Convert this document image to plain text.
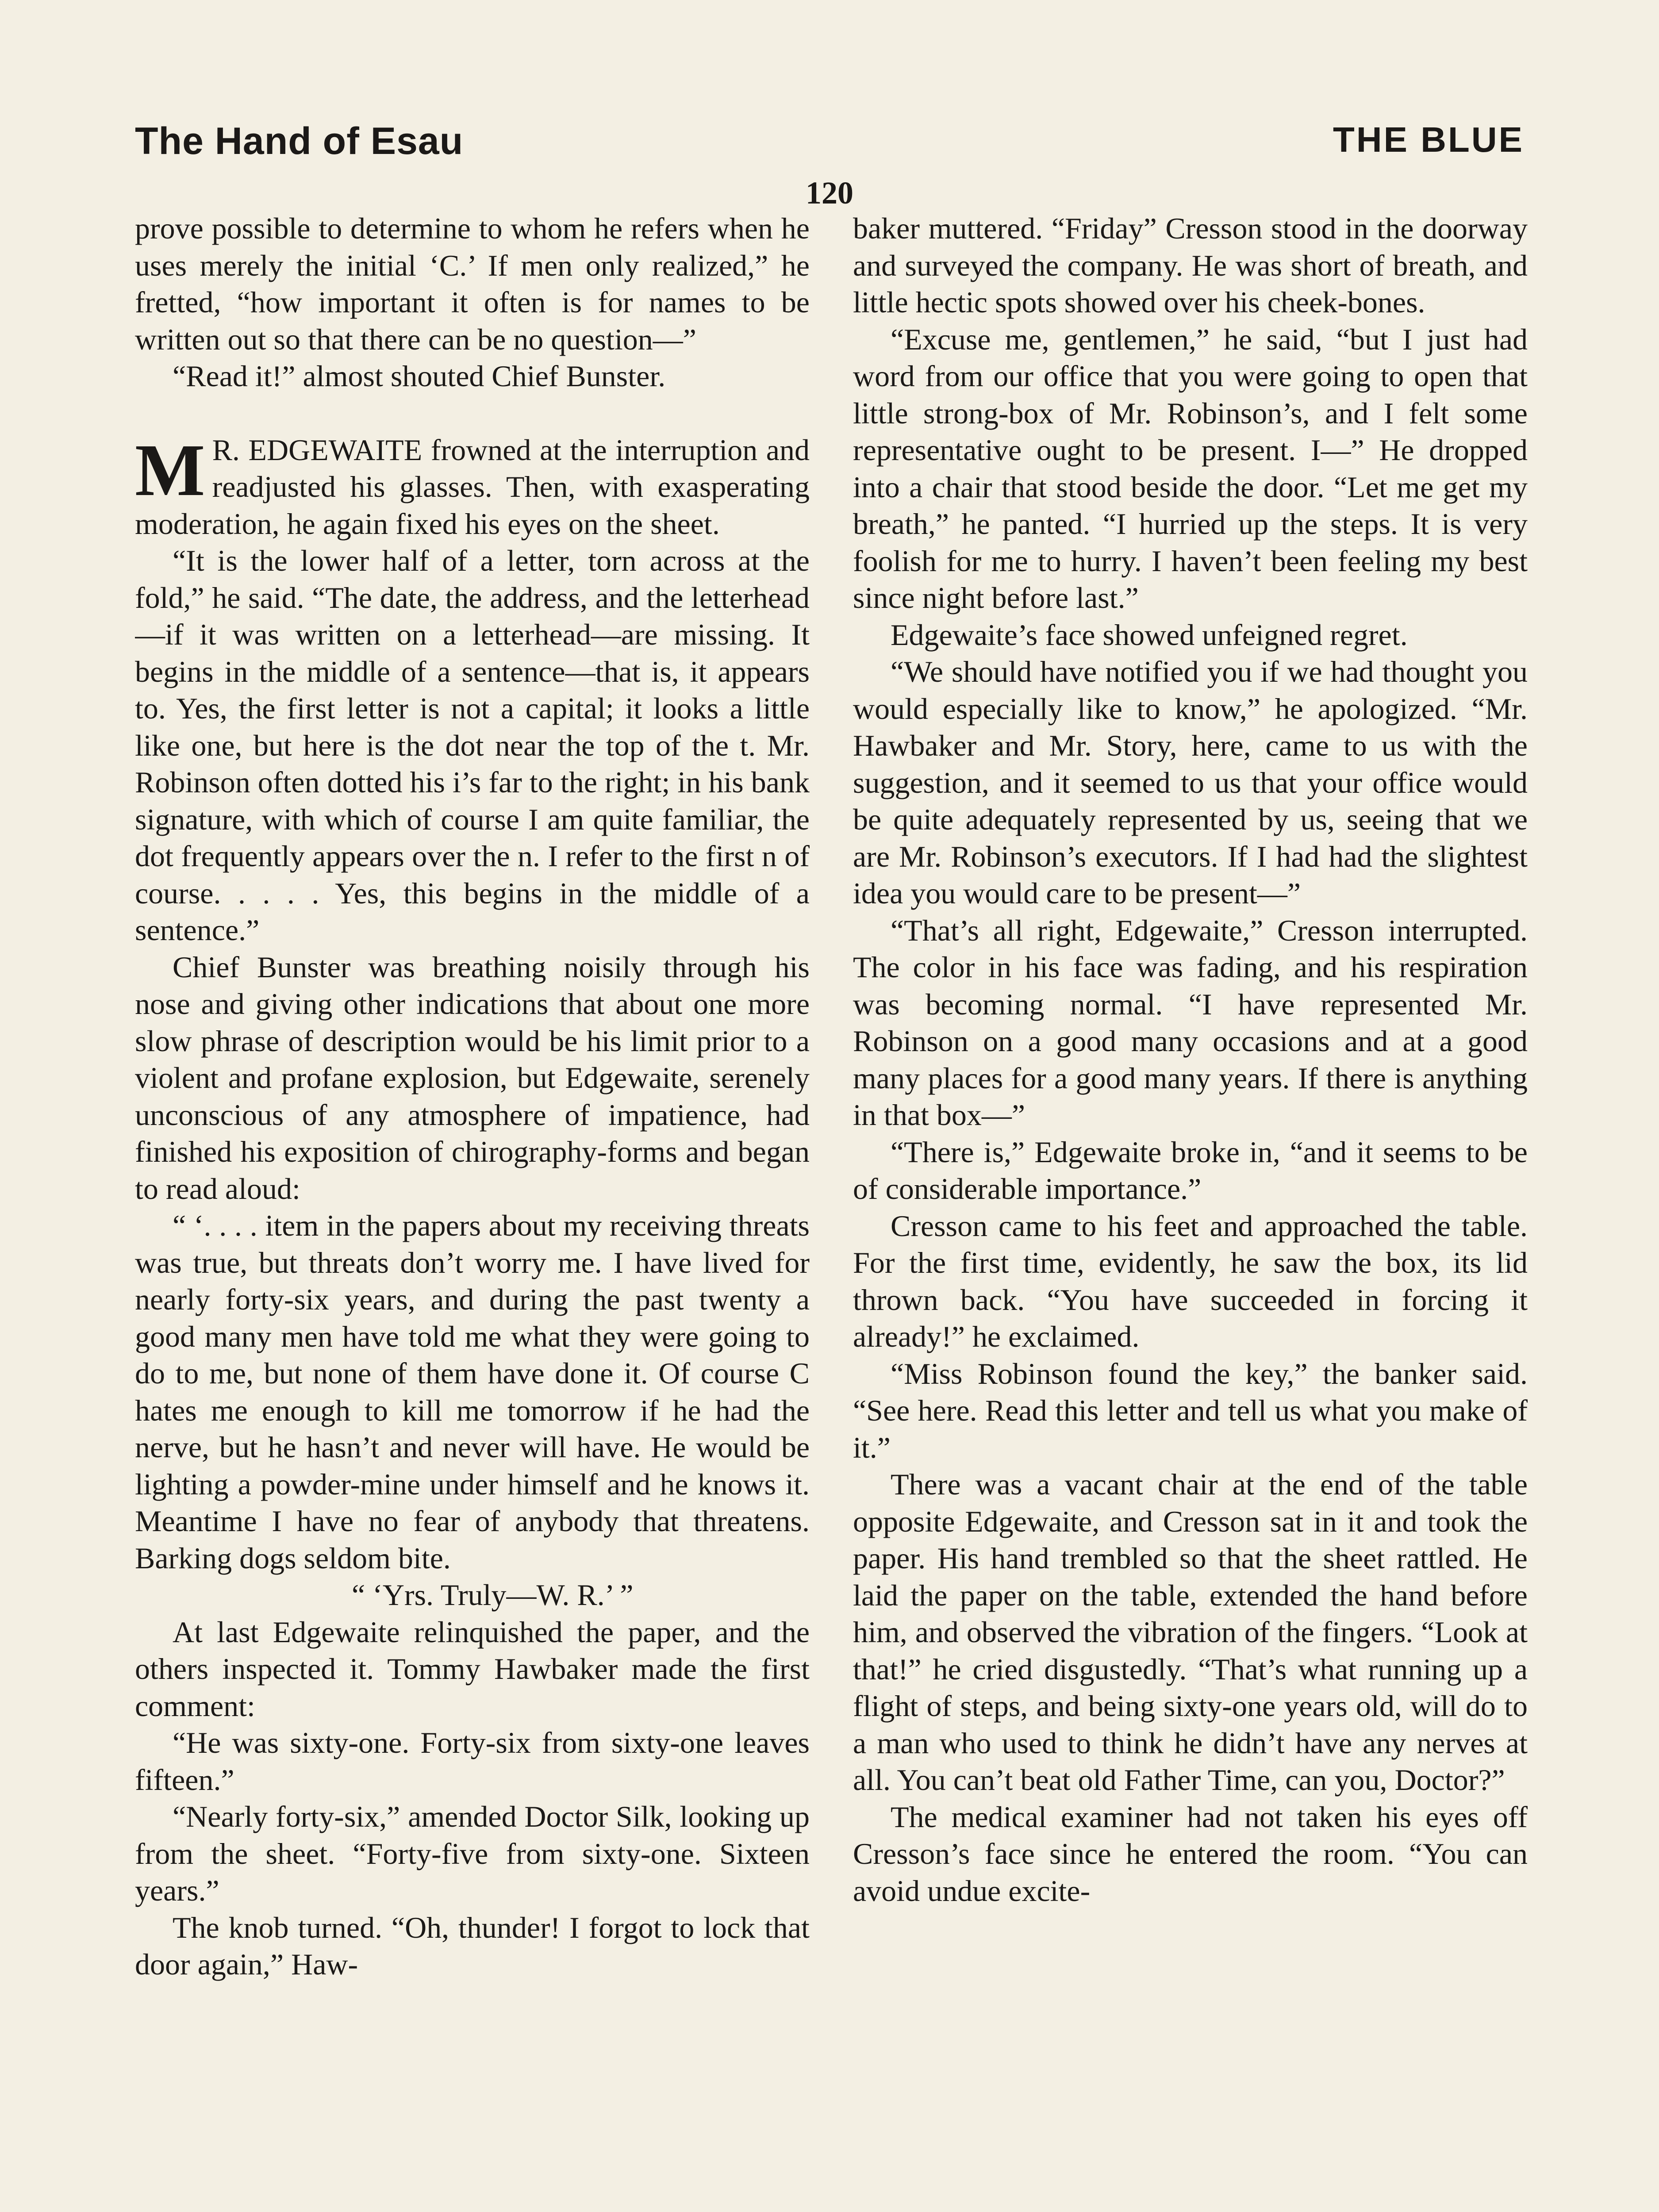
The Hand of Esau	THE BLUE
120

prove possible to determine to whom he refers when he uses merely the initial ‘C.’ If men only realized,” he fretted, “how important it often is for names to be written out so that there can be no question—”

“Read it!” almost shouted Chief Bunster.

M R. EDGEWAITE frowned at the interruption and readjusted his glasses. Then, with exasperating moderation, he again fixed his eyes on the sheet.

“It is the lower half of a letter, torn across at the fold,” he said. “The date, the address, and the letterhead—if it was written on a letterhead—are missing. It begins in the middle of a sentence—that is, it appears to. Yes, the first letter is not a capital; it looks a little like one, but here is the dot near the top of the t. Mr. Robinson often dotted his i’s far to the right; in his bank signature, with which of course I am quite familiar, the dot frequently appears over the n. I refer to the first n of course. . . . . Yes, this begins in the middle of a sentence.”

Chief Bunster was breathing noisily through his nose and giving other indications that about one more slow phrase of description would be his limit prior to a violent and profane explosion, but Edgewaite, serenely unconscious of any atmosphere of impatience, had finished his exposition of chirography-forms and began to read aloud:

“ ‘. . . . item in the papers about my receiving threats was true, but threats don’t worry me. I have lived for nearly forty-six years, and during the past twenty a good many men have told me what they were going to do to me, but none of them have done it. Of course C hates me enough to kill me tomorrow if he had the nerve, but he hasn’t and never will have. He would be lighting a powder-mine under himself and he knows it. Meantime I have no fear of anybody that threatens. Barking dogs seldom bite.

“ ‘Yrs. Truly—W. R.’ ”

At last Edgewaite relinquished the paper, and the others inspected it. Tommy Hawbaker made the first comment:

“He was sixty-one. Forty-six from sixty-one leaves fifteen.”

“Nearly forty-six,” amended Doctor Silk, looking up from the sheet. “Forty-five from sixty-one. Sixteen years.”

The knob turned. “Oh, thunder! I forgot to lock that door again,” Haw-

baker muttered. “Friday” Cresson stood in the doorway and surveyed the company. He was short of breath, and little hectic spots showed over his cheek-bones.

“Excuse me, gentlemen,” he said, “but I just had word from our office that you were going to open that little strong-box of Mr. Robinson’s, and I felt some representative ought to be present. I—” He dropped into a chair that stood beside the door. “Let me get my breath,” he panted. “I hurried up the steps. It is very foolish for me to hurry. I haven’t been feeling my best since night before last.”

Edgewaite’s face showed unfeigned regret.

“We should have notified you if we had thought you would especially like to know,” he apologized. “Mr. Hawbaker and Mr. Story, here, came to us with the suggestion, and it seemed to us that your office would be quite adequately represented by us, seeing that we are Mr. Robinson’s executors. If I had had the slightest idea you would care to be present—”

“That’s all right, Edgewaite,” Cresson interrupted. The color in his face was fading, and his respiration was becoming normal. “I have represented Mr. Robinson on a good many occasions and at a good many places for a good many years. If there is anything in that box—”

“There is,” Edgewaite broke in, “and it seems to be of considerable importance.”

Cresson came to his feet and approached the table. For the first time, evidently, he saw the box, its lid thrown back. “You have succeeded in forcing it already!” he exclaimed.

“Miss Robinson found the key,” the banker said. “See here. Read this letter and tell us what you make of it.”

There was a vacant chair at the end of the table opposite Edgewaite, and Cresson sat in it and took the paper. His hand trembled so that the sheet rattled. He laid the paper on the table, extended the hand before him, and observed the vibration of the fingers. “Look at that!” he cried disgustedly. “That’s what running up a flight of steps, and being sixty-one years old, will do to a man who used to think he didn’t have any nerves at all. You can’t beat old Father Time, can you, Doctor?”

The medical examiner had not taken his eyes off Cresson’s face since he entered the room. “You can avoid undue excite-
